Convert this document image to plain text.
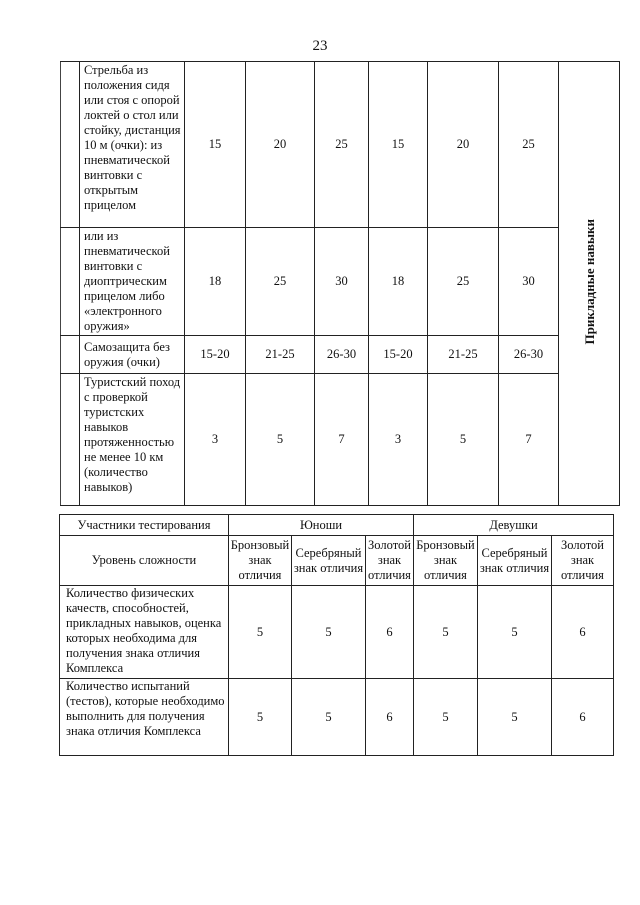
23
	Стрельба из положения сидя или стоя с опорой локтей о стол или стойку, дистанция 10 м (очки): из пневматической винтовки с открытым прицелом	15	20	25	15	20	25	Прикладные навыки
	или из пневматической винтовки с диоптрическим прицелом либо «электронного оружия»	18	25	30	18	25	30	
	Самозащита без оружия (очки)	15-20	21-25	26-30	15-20	21-25	26-30	
	Туристский поход с проверкой туристских навыков протяженностью не менее 10 км (количество навыков)	3	5	7	3	5	7	
Участники тестирования	Юноши			Девушки		
Уровень сложности	Бронзовый знак отличия	Серебряный знак отличия	Золотой знак отличия	Бронзовый знак отличия	Серебряный знак отличия	Золотой знак отличия
Количество физических качеств, способностей, прикладных навыков, оценка которых необходима для получения знака отличия Комплекса	5	5	6	5	5	6
Количество испытаний (тестов), которые необходимо выполнить для получения знака отличия Комплекса	5	5	6	5	5	6
